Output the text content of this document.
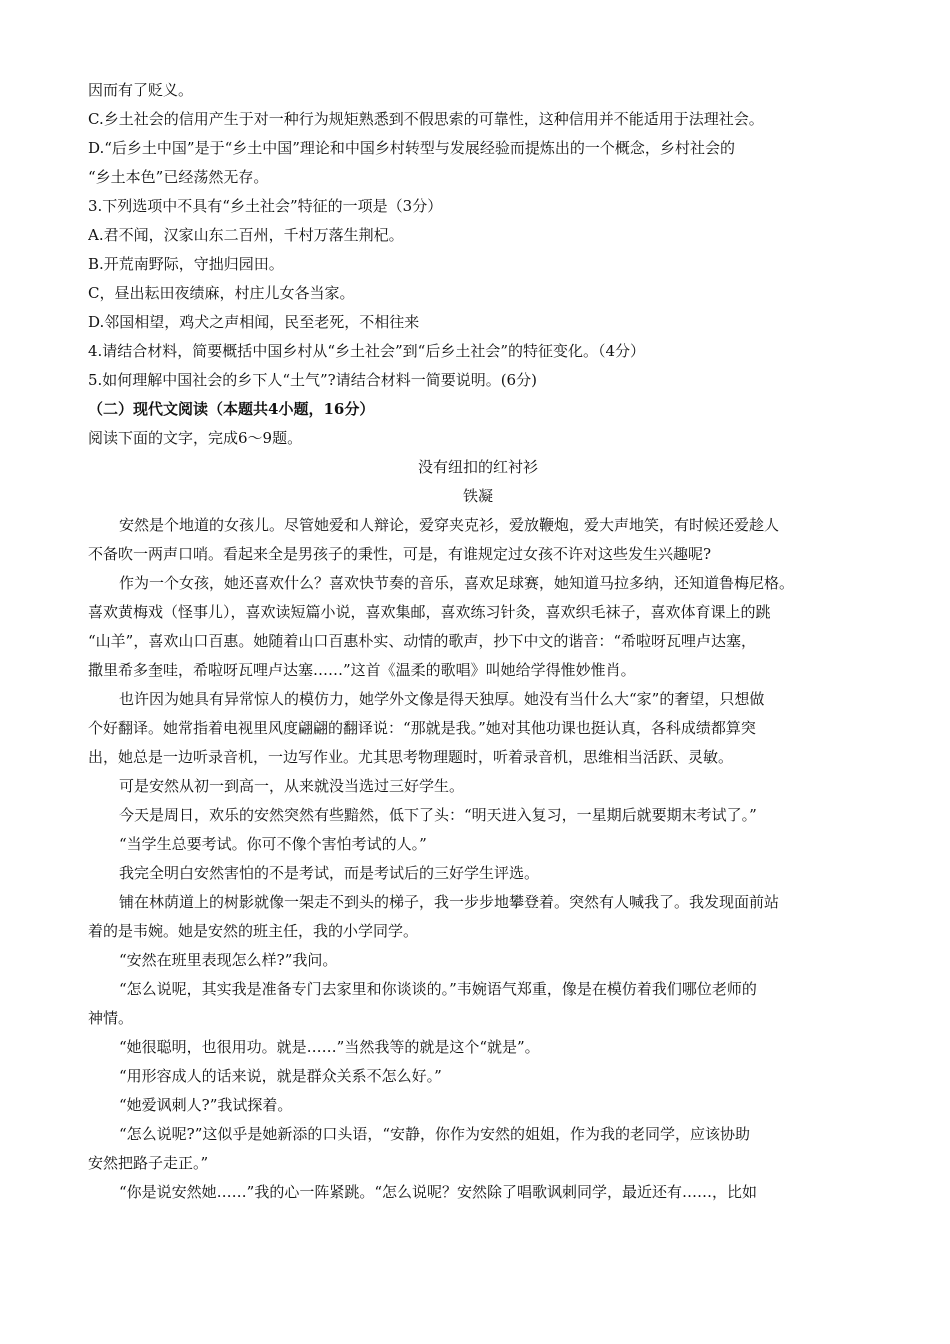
因而有了贬义。
C.乡土社会的信用产生于对一种行为规矩熟悉到不假思索的可靠性，这种信用并不能适用于法理社会。
D.“后乡土中国”是于“乡土中国”理论和中国乡村转型与发展经验而提炼出的一个概念，乡村社会的
“乡土本色”已经荡然无存。
3.下列选项中不具有“乡土社会”特征的一项是（3分）
A.君不闻，汉家山东二百州，千村万落生荆杞。
B.开荒南野际，守拙归园田。
C，昼出耘田夜绩麻，村庄儿女各当家。
D.邻国相望，鸡犬之声相闻，民至老死，不相往来
4.请结合材料，简要概括中国乡村从“乡土社会”到“后乡土社会”的特征变化。（4分）
5.如何理解中国社会的乡下人“土气”?请结合材料一简要说明。(6分)
（二）现代文阅读（本题共4小题，16分）
阅读下面的文字，完成6～9题。
没有纽扣的红衬衫
铁凝
安然是个地道的女孩儿。尽管她爱和人辩论，爱穿夹克衫，爱放鞭炮，爱大声地笑，有时候还爱趁人
不备吹一两声口哨。看起来全是男孩子的秉性，可是，有谁规定过女孩不许对这些发生兴趣呢?
作为一个女孩，她还喜欢什么？喜欢快节奏的音乐，喜欢足球赛，她知道马拉多纳，还知道鲁梅尼格。
喜欢黄梅戏（怪事儿），喜欢读短篇小说，喜欢集邮，喜欢练习针灸，喜欢织毛袜子，喜欢体育课上的跳
“山羊”，喜欢山口百惠。她随着山口百惠朴实、动情的歌声，抄下中文的谐音：“希啦呀瓦哩卢达塞，
撒里希多奎哇，希啦呀瓦哩卢达塞……”这首《温柔的歌唱》叫她给学得惟妙惟肖。
也许因为她具有异常惊人的模仿力，她学外文像是得天独厚。她没有当什么大“家”的奢望，只想做
个好翻译。她常指着电视里风度翩翩的翻译说：“那就是我。”她对其他功课也挺认真，各科成绩都算突
出，她总是一边听录音机，一边写作业。尤其思考物理题时，听着录音机，思维相当活跃、灵敏。
可是安然从初一到高一，从来就没当选过三好学生。
今天是周日，欢乐的安然突然有些黯然，低下了头：“明天进入复习，一星期后就要期末考试了。”
“当学生总要考试。你可不像个害怕考试的人。”
我完全明白安然害怕的不是考试，而是考试后的三好学生评选。
铺在林荫道上的树影就像一架走不到头的梯子，我一步步地攀登着。突然有人喊我了。我发现面前站
着的是韦婉。她是安然的班主任，我的小学同学。
“安然在班里表现怎么样?”我问。
“怎么说呢，其实我是准备专门去家里和你谈谈的。”韦婉语气郑重，像是在模仿着我们哪位老师的
神情。
“她很聪明，也很用功。就是……”当然我等的就是这个“就是”。
“用形容成人的话来说，就是群众关系不怎么好。”
“她爱讽刺人?”我试探着。
“怎么说呢?”这似乎是她新添的口头语，“安静，你作为安然的姐姐，作为我的老同学，应该协助
安然把路子走正。”
“你是说安然她……”我的心一阵紧跳。“怎么说呢？安然除了唱歌讽刺同学，最近还有……，比如
